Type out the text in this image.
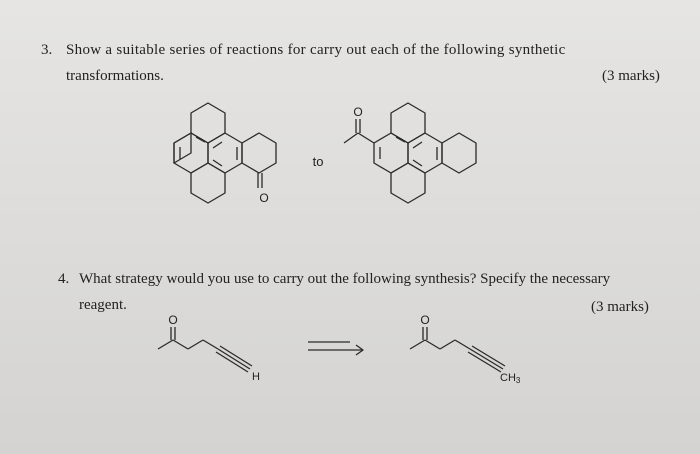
3. Show a suitable series of reactions for carry out each of the following synthetic
transformations.	(3 marks)
4. What strategy would you use to carry out the following synthesis? Specify the necessary
reagent.	(3 marks)
O
O
to
O
H
O
CH3
